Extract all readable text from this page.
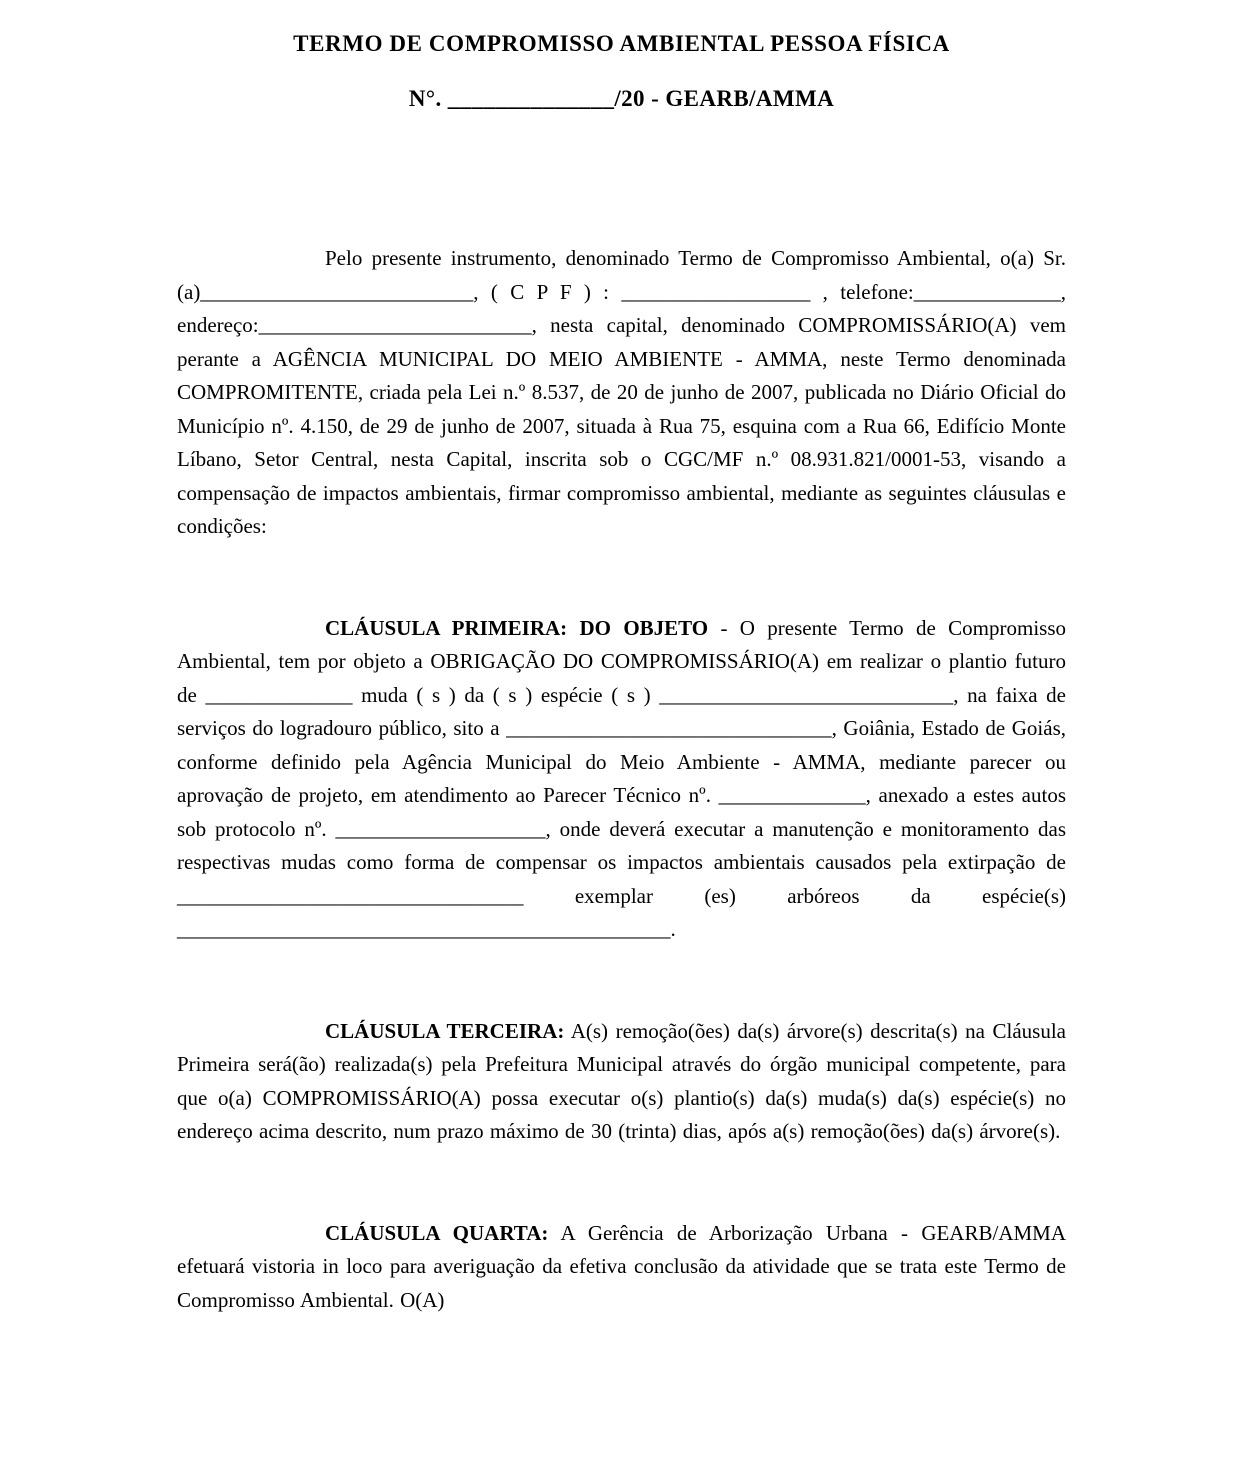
TERMO DE COMPROMISSO AMBIENTAL PESSOA FÍSICA
N°. ______________/20 - GEARB/AMMA

Pelo presente instrumento, denominado Termo de Compromisso Ambiental, o(a) Sr.(a)__________________________, ( C P F ) : __________________ , telefone:______________, endereço:__________________________, nesta capital, denominado COMPROMISSÁRIO(A) vem perante a AGÊNCIA MUNICIPAL DO MEIO AMBIENTE - AMMA, neste Termo denominada COMPROMITENTE, criada pela Lei n.º 8.537, de 20 de junho de 2007, publicada no Diário Oficial do Município nº. 4.150, de 29 de junho de 2007, situada à Rua 75, esquina com a Rua 66, Edifício Monte Líbano, Setor Central, nesta Capital, inscrita sob o CGC/MF n.º 08.931.821/0001-53, visando a compensação de impactos ambientais, firmar compromisso ambiental, mediante as seguintes cláusulas e condições:

CLÁUSULA PRIMEIRA: DO OBJETO - O presente Termo de Compromisso Ambiental, tem por objeto a OBRIGAÇÃO DO COMPROMISSÁRIO(A) em realizar o plantio futuro de ______________ muda ( s ) da ( s ) espécie ( s ) ____________________________, na faixa de serviços do logradouro público, sito a _______________________________, Goiânia, Estado de Goiás, conforme definido pela Agência Municipal do Meio Ambiente - AMMA, mediante parecer ou aprovação de projeto, em atendimento ao Parecer Técnico nº. ______________, anexado a estes autos sob protocolo nº. ____________________, onde deverá executar a manutenção e monitoramento das respectivas mudas como forma de compensar os impactos ambientais causados pela extirpação de _________________________________ exemplar (es) arbóreos da espécie(s) _______________________________________________.

CLÁUSULA TERCEIRA: A(s) remoção(ões) da(s) árvore(s) descrita(s) na Cláusula Primeira será(ão) realizada(s) pela Prefeitura Municipal através do órgão municipal competente, para que o(a) COMPROMISSÁRIO(A) possa executar o(s) plantio(s) da(s) muda(s) da(s) espécie(s) no endereço acima descrito, num prazo máximo de 30 (trinta) dias, após a(s) remoção(ões) da(s) árvore(s).

CLÁUSULA QUARTA: A Gerência de Arborização Urbana - GEARB/AMMA efetuará vistoria in loco para averiguação da efetiva conclusão da atividade que se trata este Termo de Compromisso Ambiental. O(A)
